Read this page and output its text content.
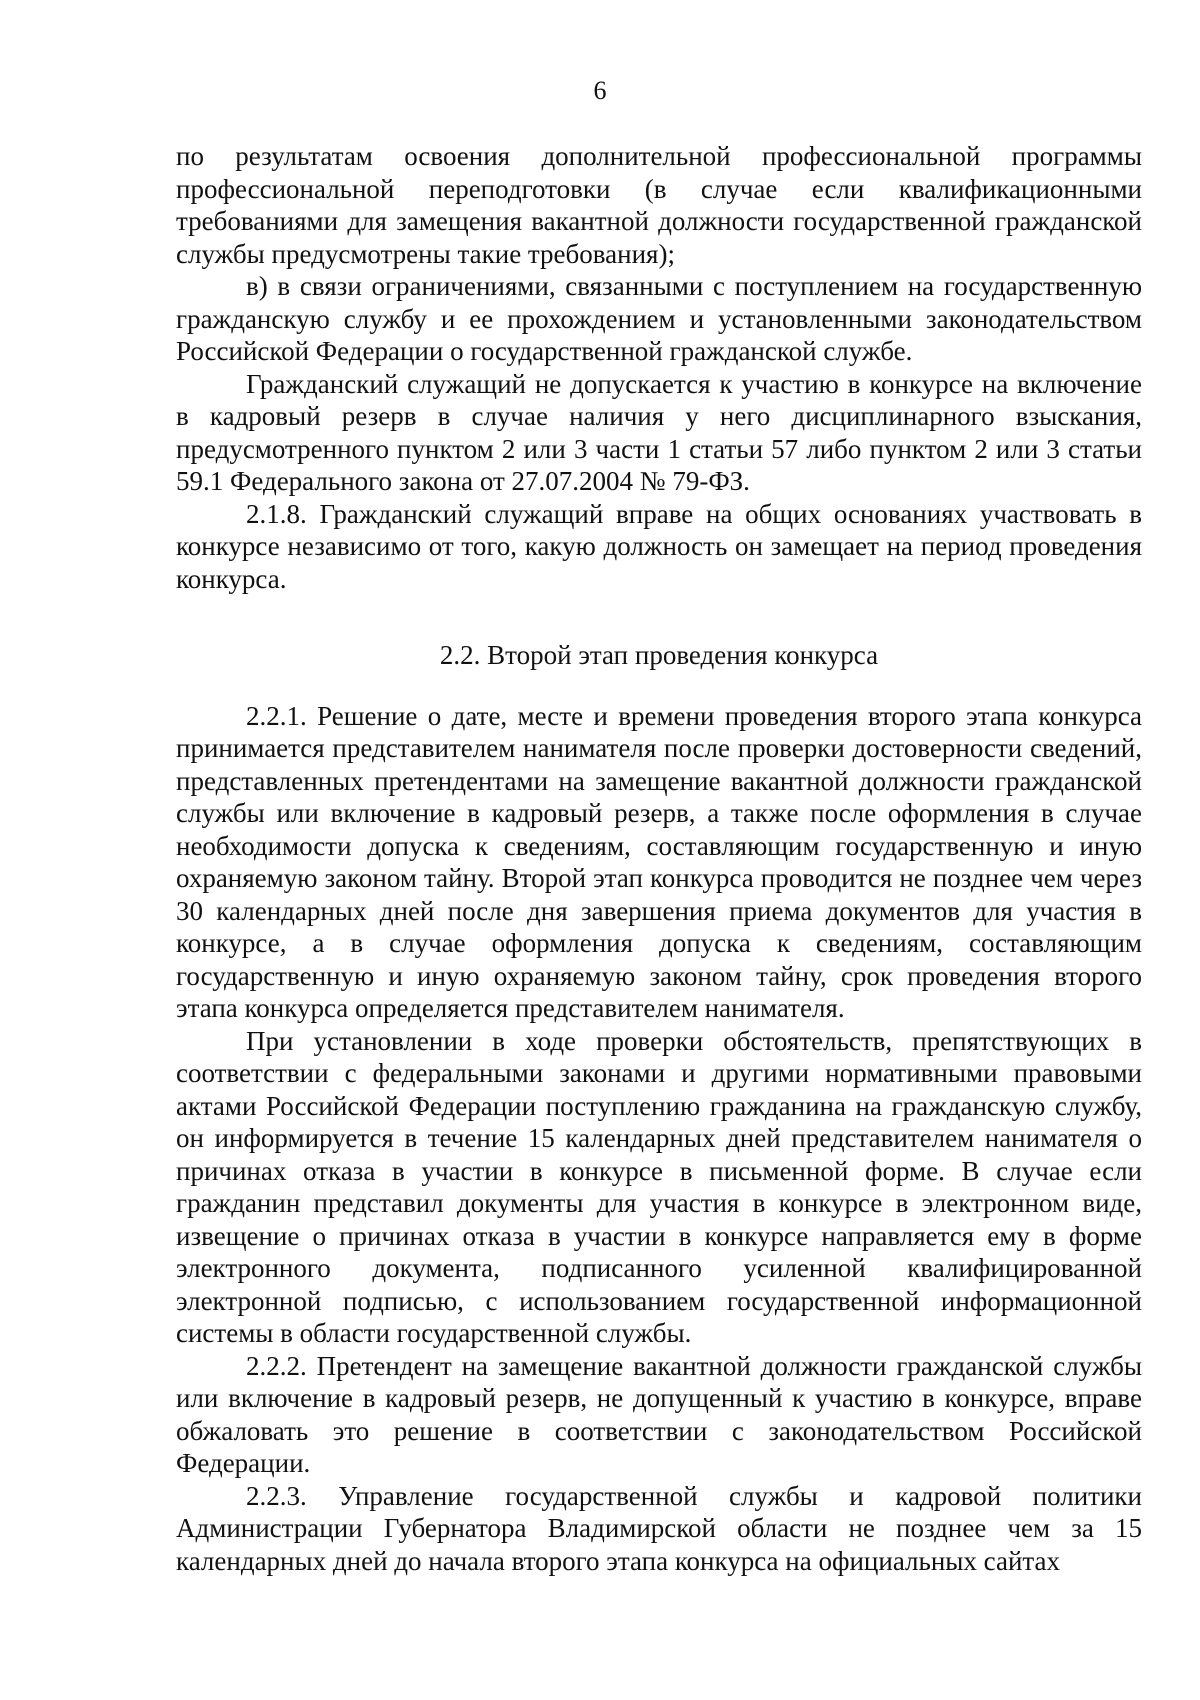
6

по результатам освоения дополнительной профессиональной программы профессиональной переподготовки (в случае если квалификационными требованиями для замещения вакантной должности государственной гражданской службы предусмотрены такие требования);

в) в связи ограничениями, связанными с поступлением на государственную гражданскую службу и ее прохождением и установленными законодательством Российской Федерации о государственной гражданской службе.

Гражданский служащий не допускается к участию в конкурсе на включение в кадровый резерв в случае наличия у него дисциплинарного взыскания, предусмотренного пунктом 2 или 3 части 1 статьи 57 либо пунктом 2 или 3 статьи 59.1 Федерального закона от 27.07.2004 № 79-ФЗ.

2.1.8. Гражданский служащий вправе на общих основаниях участвовать в конкурсе независимо от того, какую должность он замещает на период проведения конкурса.

2.2. Второй этап проведения конкурса

2.2.1. Решение о дате, месте и времени проведения второго этапа конкурса принимается представителем нанимателя после проверки достоверности сведений, представленных претендентами на замещение вакантной должности гражданской службы или включение в кадровый резерв, а также после оформления в случае необходимости допуска к сведениям, составляющим государственную и иную охраняемую законом тайну. Второй этап конкурса проводится не позднее чем через 30 календарных дней после дня завершения приема документов для участия в конкурсе, а в случае оформления допуска к сведениям, составляющим государственную и иную охраняемую законом тайну, срок проведения второго этапа конкурса определяется представителем нанимателя.

При установлении в ходе проверки обстоятельств, препятствующих в соответствии с федеральными законами и другими нормативными правовыми актами Российской Федерации поступлению гражданина на гражданскую службу, он информируется в течение 15 календарных дней представителем нанимателя о причинах отказа в участии в конкурсе в письменной форме. В случае если гражданин представил документы для участия в конкурсе в электронном виде, извещение о причинах отказа в участии в конкурсе направляется ему в форме электронного документа, подписанного усиленной квалифицированной электронной подписью, с использованием государственной информационной системы в области государственной службы.

2.2.2. Претендент на замещение вакантной должности гражданской службы или включение в кадровый резерв, не допущенный к участию в конкурсе, вправе обжаловать это решение в соответствии с законодательством Российской Федерации.

2.2.3. Управление государственной службы и кадровой политики Администрации Губернатора Владимирской области не позднее чем за 15 календарных дней до начала второго этапа конкурса на официальных сайтах
